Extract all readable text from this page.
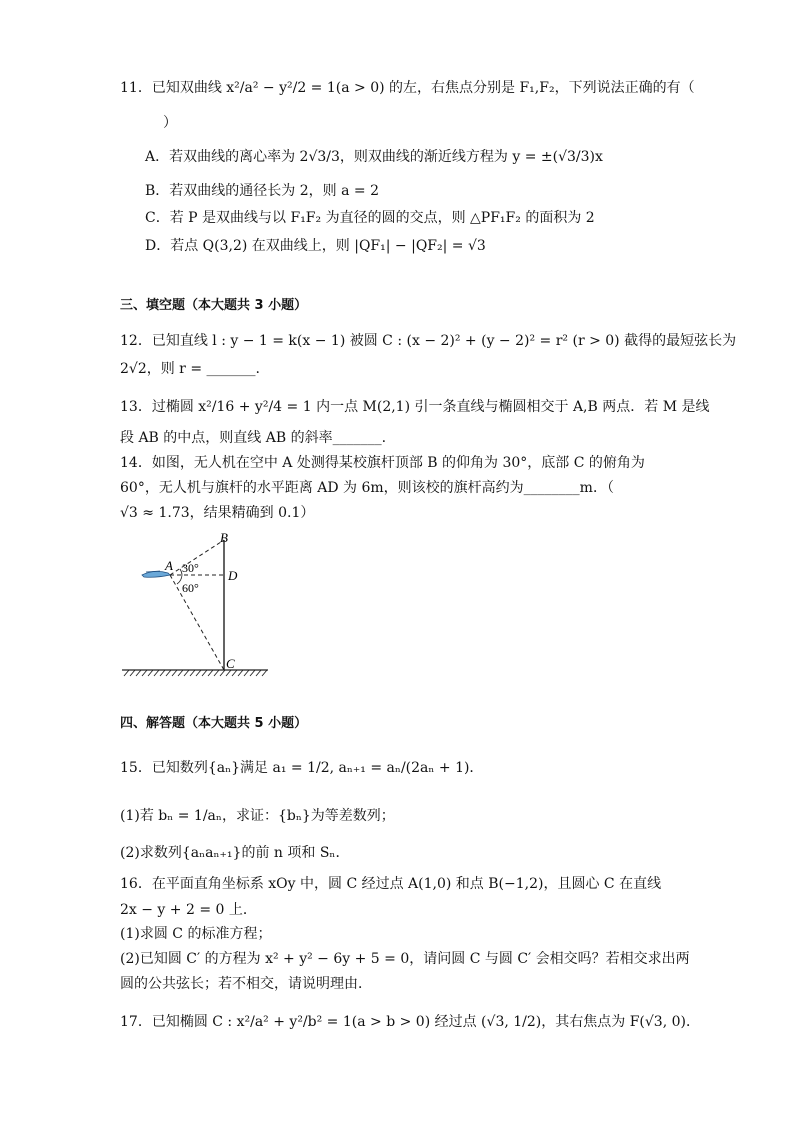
11．已知双曲线 x²/a² − y²/2 = 1(a > 0) 的左，右焦点分别是 F₁,F₂，下列说法正确的有（
）
A．若双曲线的离心率为 2√3/3，则双曲线的渐近线方程为 y = ±(√3/3)x
B．若双曲线的通径长为 2，则 a = 2
C．若 P 是双曲线与以 F₁F₂ 为直径的圆的交点，则 △PF₁F₂ 的面积为 2
D．若点 Q(3,2) 在双曲线上，则 |QF₁| − |QF₂| = √3
三、填空题（本大题共 3 小题）
12．已知直线 l : y − 1 = k(x − 1) 被圆 C : (x − 2)² + (y − 2)² = r² (r > 0) 截得的最短弦长为
2√2，则 r = _______.
13．过椭圆 x²/16 + y²/4 = 1 内一点 M(2,1) 引一条直线与椭圆相交于 A,B 两点．若 M 是线
段 AB 的中点，则直线 AB 的斜率_______.
14．如图，无人机在空中 A 处测得某校旗杆顶部 B 的仰角为 30°，底部 C 的俯角为
60°，无人机与旗杆的水平距离 AD 为 6m，则该校的旗杆高约为________m．（
√3 ≈ 1.73，结果精确到 0.1）
A
B
D
C
30°
60°
四、解答题（本大题共 5 小题）
15．已知数列{aₙ}满足 a₁ = 1/2, aₙ₊₁ = aₙ/(2aₙ + 1)．
(1)若 bₙ = 1/aₙ，求证：{bₙ}为等差数列；
(2)求数列{aₙaₙ₊₁}的前 n 项和 Sₙ．
16．在平面直角坐标系 xOy 中，圆 C 经过点 A(1,0) 和点 B(−1,2)，且圆心 C 在直线
2x − y + 2 = 0 上．
(1)求圆 C 的标准方程；
(2)已知圆 C′ 的方程为 x² + y² − 6y + 5 = 0，请问圆 C 与圆 C′ 会相交吗？若相交求出两
圆的公共弦长；若不相交，请说明理由．
17．已知椭圆 C : x²/a² + y²/b² = 1(a > b > 0) 经过点 (√3, 1/2)，其右焦点为 F(√3, 0)．
